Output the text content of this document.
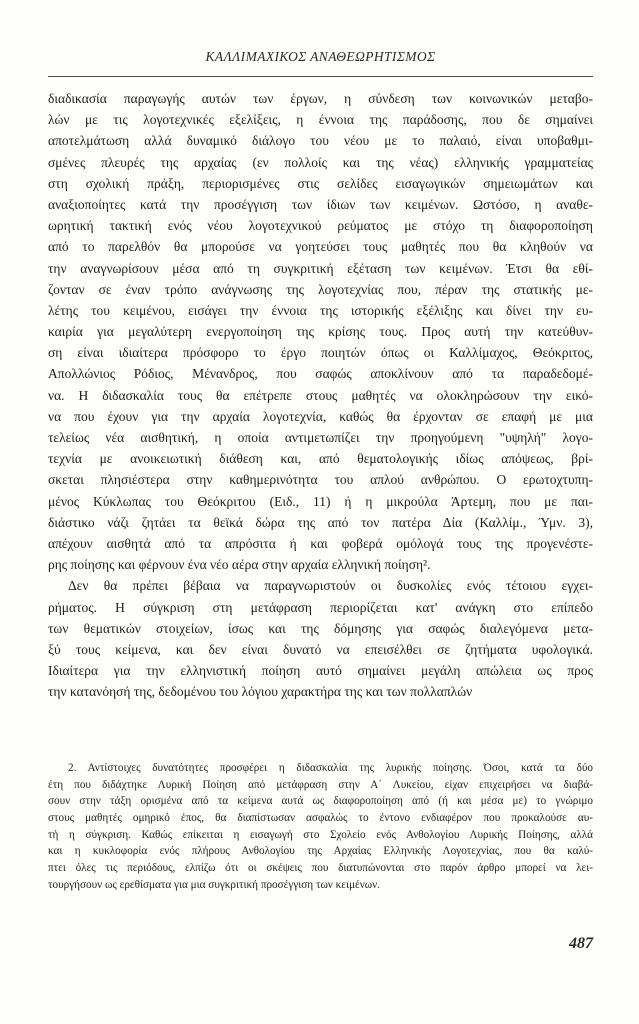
ΚΑΛΛΙΜΑΧΙΚΟΣ ΑΝΑΘΕΩΡΗΤΙΣΜΟΣ
διαδικασία παραγωγής αυτών των έργων, η σύνδεση των κοινωνικών μεταβο-
λών με τις λογοτεχνικές εξελίξεις, η έννοια της παράδοσης, που δε σημαίνει
αποτελμάτωση αλλά δυναμικό διάλογο του νέου με το παλαιό, είναι υποβαθμι-
σμένες πλευρές της αρχαίας (εν πολλοίς και της νέας) ελληνικής γραμματείας
στη σχολική πράξη, περιορισμένες στις σελίδες εισαγωγικών σημειωμάτων και
αναξιοποίητες κατά την προσέγγιση των ίδιων των κειμένων. Ωστόσο, η αναθε-
ωρητική τακτική ενός νέου λογοτεχνικού ρεύματος με στόχο τη διαφοροποίηση
από το παρελθόν θα μπορούσε να γοητεύσει τους μαθητές που θα κληθούν να
την αναγνωρίσουν μέσα από τη συγκριτική εξέταση των κειμένων. Έτσι θα εθί-
ζονταν σε έναν τρόπο ανάγνωσης της λογοτεχνίας που, πέραν της στατικής με-
λέτης του κειμένου, εισάγει την έννοια της ιστορικής εξέλιξης και δίνει την ευ-
καιρία για μεγαλύτερη ενεργοποίηση της κρίσης τους. Προς αυτή την κατεύθυν-
ση είναι ιδιαίτερα πρόσφορο το έργο ποιητών όπως οι Καλλίμαχος, Θεόκριτος,
Απολλώνιος Ρόδιος, Μένανδρος, που σαφώς αποκλίνουν από τα παραδεδομέ-
να. Η διδασκαλία τους θα επέτρεπε στους μαθητές να ολοκληρώσουν την εικό-
να που έχουν για την αρχαία λογοτεχνία, καθώς θα έρχονταν σε επαφή με μια
τελείως νέα αισθητική, η οποία αντιμετωπίζει την προηγούμενη "υψηλή" λογο-
τεχνία με ανοικειωτική διάθεση και, από θεματολογικής ιδίως απόψεως, βρί-
σκεται πλησιέστερα στην καθημερινότητα του απλού ανθρώπου. Ο ερωτοχτυπη-
μένος Κύκλωπας του Θεόκριτου (Ειδ., 11) ή η μικρούλα Άρτεμη, που με παι-
διάστικο νάζι ζητάει τα θεϊκά δώρα της από τον πατέρα Δία (Καλλίμ., Ύμν. 3),
απέχουν αισθητά από τα απρόσιτα ή και φοβερά ομόλογά τους της προγενέστε-
ρης ποίησης και φέρνουν ένα νέο αέρα στην αρχαία ελληνική ποίηση².
Δεν θα πρέπει βέβαια να παραγνωριστούν οι δυσκολίες ενός τέτοιου εγχει-
ρήματος. Η σύγκριση στη μετάφραση περιορίζεται κατ' ανάγκη στο επίπεδο
των θεματικών στοιχείων, ίσως και της δόμησης για σαφώς διαλεγόμενα μετα-
ξύ τους κείμενα, και δεν είναι δυνατό να επεισέλθει σε ζητήματα υφολογικά.
Ιδιαίτερα για την ελληνιστική ποίηση αυτό σημαίνει μεγάλη απώλεια ως προς
την κατανόησή της, δεδομένου του λόγιου χαρακτήρα της και των πολλαπλών
2. Αντίστοιχες δυνατότητες προσφέρει η διδασκαλία της λυρικής ποίησης. Όσοι, κατά τα δύο
έτη που διδάχτηκε Λυρική Ποίηση από μετάφραση στην Α΄ Λυκείου, είχαν επιχειρήσει να διαβά-
σουν στην τάξη ορισμένα από τα κείμενα αυτά ως διαφοροποίηση από (ή και μέσα με) το γνώριμο
στους μαθητές ομηρικό έπος, θα διαπίστωσαν ασφαλώς το έντονο ενδιαφέρον που προκαλούσε αυ-
τή η σύγκριση. Καθώς επίκειται η εισαγωγή στο Σχολείο ενός Ανθολογίου Λυρικής Ποίησης, αλλά
και η κυκλοφορία ενός πλήρους Ανθολογίου της Αρχαίας Ελληνικής Λογοτεχνίας, που θα καλύ-
πτει όλες τις περιόδους, ελπίζω ότι οι σκέψεις που διατυπώνονται στο παρόν άρθρο μπορεί να λει-
τουργήσουν ως ερεθίσματα για μια συγκριτική προσέγγιση των κειμένων.
487
